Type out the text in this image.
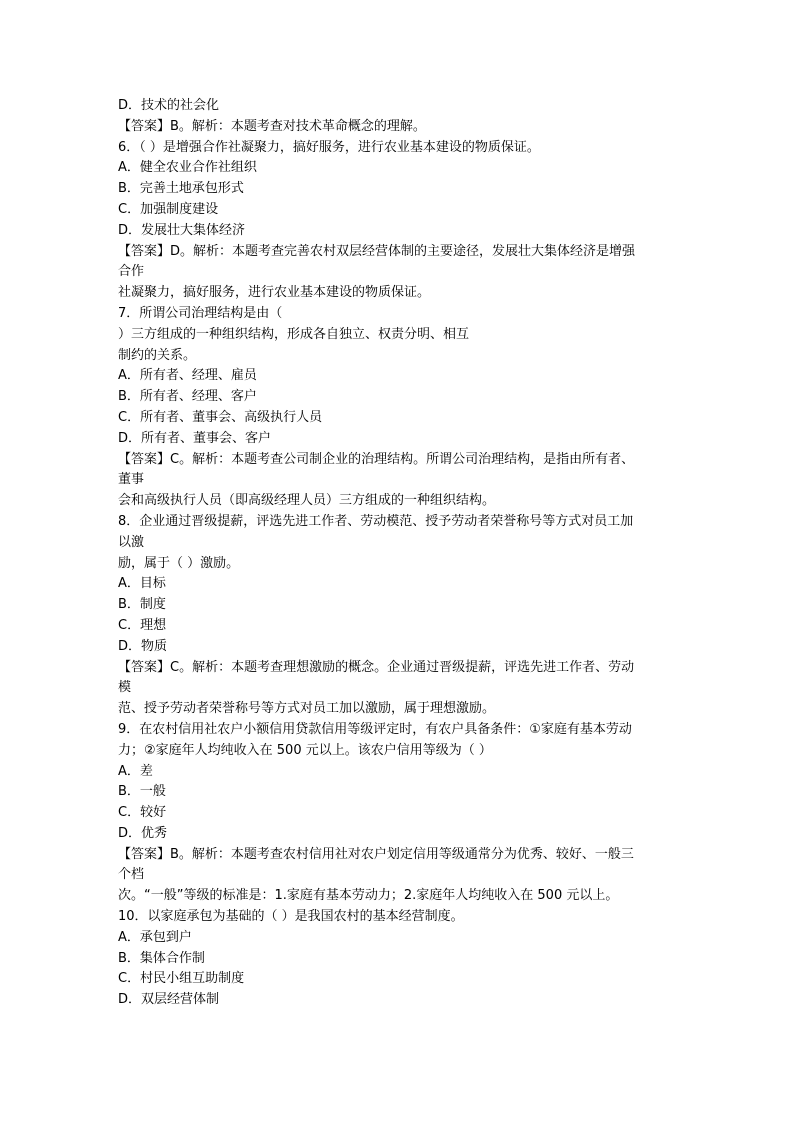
D．技术的社会化
【答案】B。解析：本题考查对技术革命概念的理解。
6．（ ）是增强合作社凝聚力，搞好服务，进行农业基本建设的物质保证。
A．健全农业合作社组织
B．完善土地承包形式
C．加强制度建设
D．发展壮大集体经济
【答案】D。解析：本题考查完善农村双层经营体制的主要途径，发展壮大集体经济是增强
合作
社凝聚力，搞好服务，进行农业基本建设的物质保证。
7．所谓公司治理结构是由（
）三方组成的一种组织结构，形成各自独立、权责分明、相互
制约的关系。
A．所有者、经理、雇员
B．所有者、经理、客户
C．所有者、董事会、高级执行人员
D．所有者、董事会、客户
【答案】C。解析：本题考查公司制企业的治理结构。所谓公司治理结构，是指由所有者、
董事
会和高级执行人员（即高级经理人员）三方组成的一种组织结构。
8．企业通过晋级提薪，评选先进工作者、劳动模范、授予劳动者荣誉称号等方式对员工加
以激
励，属于（ ）激励。
A．目标
B．制度
C．理想
D．物质
【答案】C。解析：本题考查理想激励的概念。企业通过晋级提薪，评选先进工作者、劳动
模
范、授予劳动者荣誉称号等方式对员工加以激励，属于理想激励。
9．在农村信用社农户小额信用贷款信用等级评定时，有农户具备条件：①家庭有基本劳动
力；②家庭年人均纯收入在 500 元以上。该农户信用等级为（ ）
A．差
B．一般
C．较好
D．优秀
【答案】B。解析：本题考查农村信用社对农户划定信用等级通常分为优秀、较好、一般三
个档
次。“一般”等级的标准是：1.家庭有基本劳动力；2.家庭年人均纯收入在 500 元以上。
10．以家庭承包为基础的（ ）是我国农村的基本经营制度。
A．承包到户
B．集体合作制
C．村民小组互助制度
D．双层经营体制
